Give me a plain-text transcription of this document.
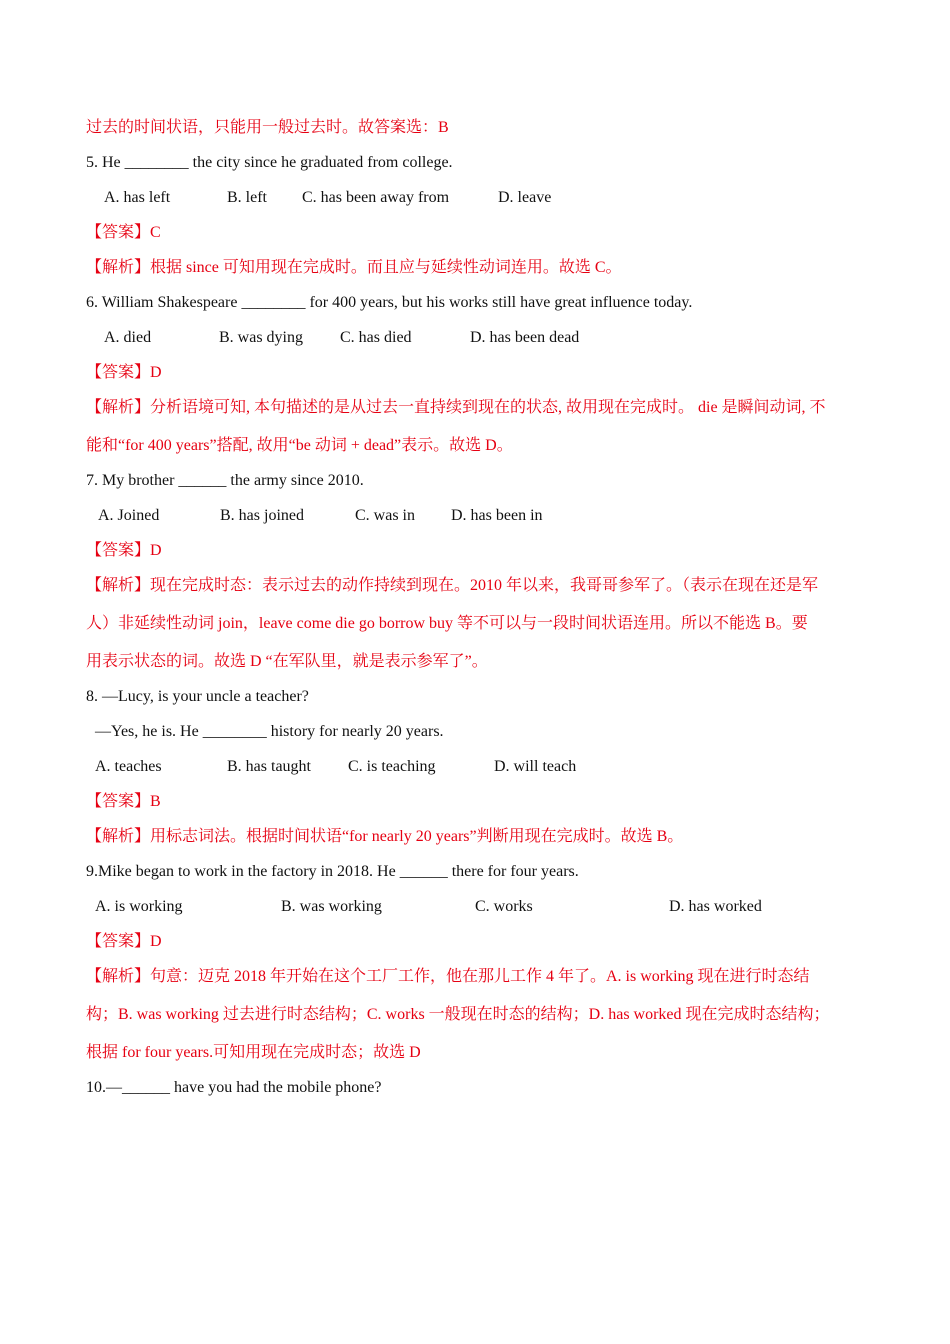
过去的时间状语，只能用一般过去时。故答案选：B
5. He ________ the city since he graduated from college.
A. has left	B. left C. has been away from	D. leave
【答案】C
【解析】根据 since 可知用现在完成时。而且应与延续性动词连用。故选 C。
6. William Shakespeare ________ for 400 years, but his works still have great influence today.
A. died	B. was dying C. has died	D. has been dead
【答案】D
【解析】分析语境可知, 本句描述的是从过去一直持续到现在的状态, 故用现在完成时。 die 是瞬间动词, 不
能和“for 400 years”搭配, 故用“be 动词 + dead”表示。故选 D。
7. My brother ______ the army since 2010.
A. Joined	B. has joined	C. was in D. has been in
【答案】D
【解析】现在完成时态：表示过去的动作持续到现在。2010 年以来，我哥哥参军了。（表示在现在还是军
人）非延续性动词 join，leave come die go borrow buy 等不可以与一段时间状语连用。所以不能选 B。要
用表示状态的词。故选 D “在军队里，就是表示参军了”。
8. —Lucy, is your uncle a teacher?
—Yes, he is. He ________ history for nearly 20 years.
A. teaches	B. has taught C. is teaching	D. will teach
【答案】B
【解析】用标志词法。根据时间状语“for nearly 20 years”判断用现在完成时。故选 B。
9.Mike began to work in the factory in 2018. He ______ there for four years.
A. is working	B. was working	C. works	D. has worked
【答案】D
【解析】句意：迈克 2018 年开始在这个工厂工作，他在那儿工作 4 年了。A. is working 现在进行时态结
构；B. was working 过去进行时态结构；C. works 一般现在时态的结构；D. has worked 现在完成时态结构；
根据 for four years.可知用现在完成时态；故选 D
10.—______ have you had the mobile phone?
